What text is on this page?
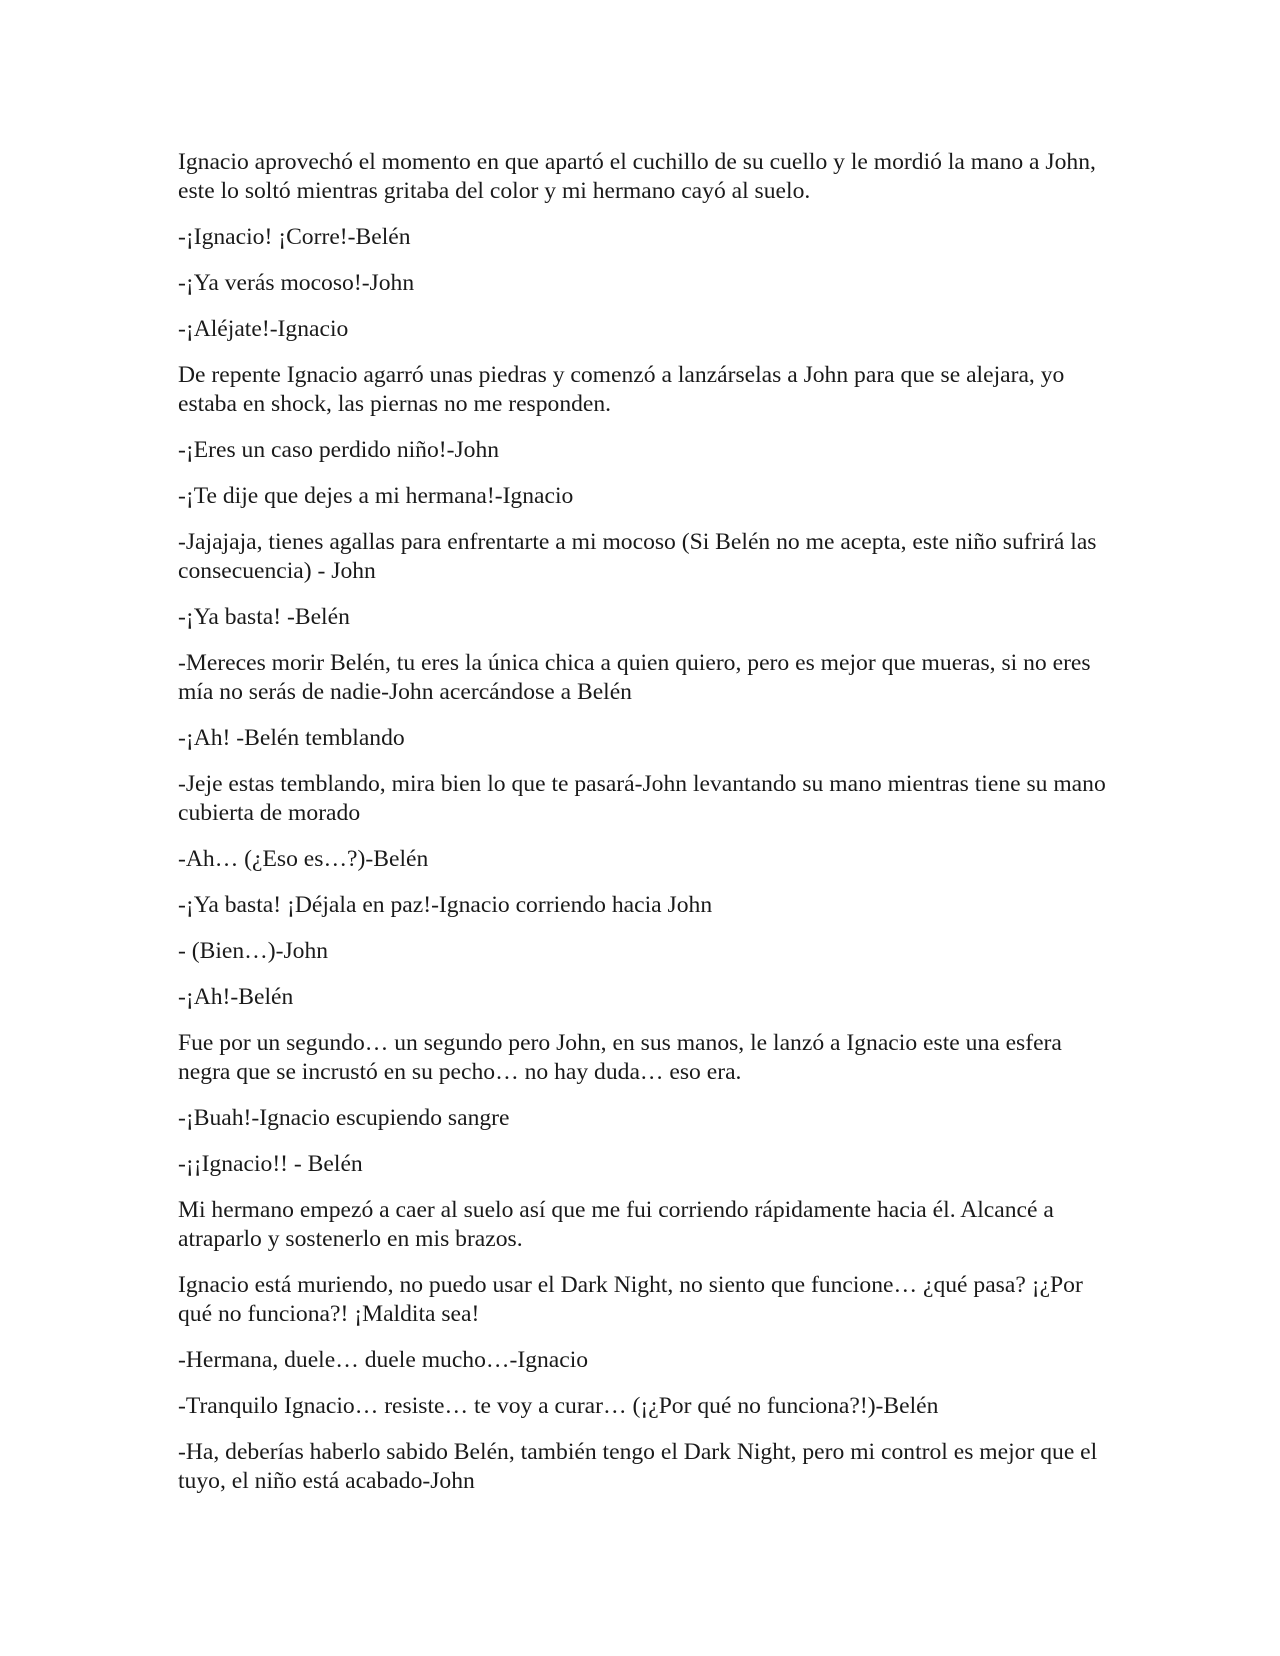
Ignacio aprovechó el momento en que apartó el cuchillo de su cuello y le mordió la mano a John, este lo soltó mientras gritaba del color y mi hermano cayó al suelo.

-¡Ignacio! ¡Corre!-Belén

-¡Ya verás mocoso!-John

-¡Aléjate!-Ignacio

De repente Ignacio agarró unas piedras y comenzó a lanzárselas a John para que se alejara, yo estaba en shock, las piernas no me responden.

-¡Eres un caso perdido niño!-John

-¡Te dije que dejes a mi hermana!-Ignacio

-Jajajaja, tienes agallas para enfrentarte a mi mocoso (Si Belén no me acepta, este niño sufrirá las consecuencia) - John

-¡Ya basta! -Belén

-Mereces morir Belén, tu eres la única chica a quien quiero, pero es mejor que mueras, si no eres mía no serás de nadie-John acercándose a Belén

-¡Ah! -Belén temblando

-Jeje estas temblando, mira bien lo que te pasará-John levantando su mano mientras tiene su mano cubierta de morado

-Ah… (¿Eso es…?)-Belén

-¡Ya basta! ¡Déjala en paz!-Ignacio corriendo hacia John

- (Bien…)-John

-¡Ah!-Belén

Fue por un segundo… un segundo pero John, en sus manos, le lanzó a Ignacio este una esfera negra que se incrustó en su pecho… no hay duda… eso era.

-¡Buah!-Ignacio escupiendo sangre

-¡¡Ignacio!! - Belén

Mi hermano empezó a caer al suelo así que me fui corriendo rápidamente hacia él. Alcancé a atraparlo y sostenerlo en mis brazos.

Ignacio está muriendo, no puedo usar el Dark Night, no siento que funcione… ¿qué pasa? ¡¿Por qué no funciona?! ¡Maldita sea!

-Hermana, duele… duele mucho…-Ignacio

-Tranquilo Ignacio… resiste… te voy a curar… (¡¿Por qué no funciona?!)-Belén

-Ha, deberías haberlo sabido Belén, también tengo el Dark Night, pero mi control es mejor que el tuyo, el niño está acabado-John
